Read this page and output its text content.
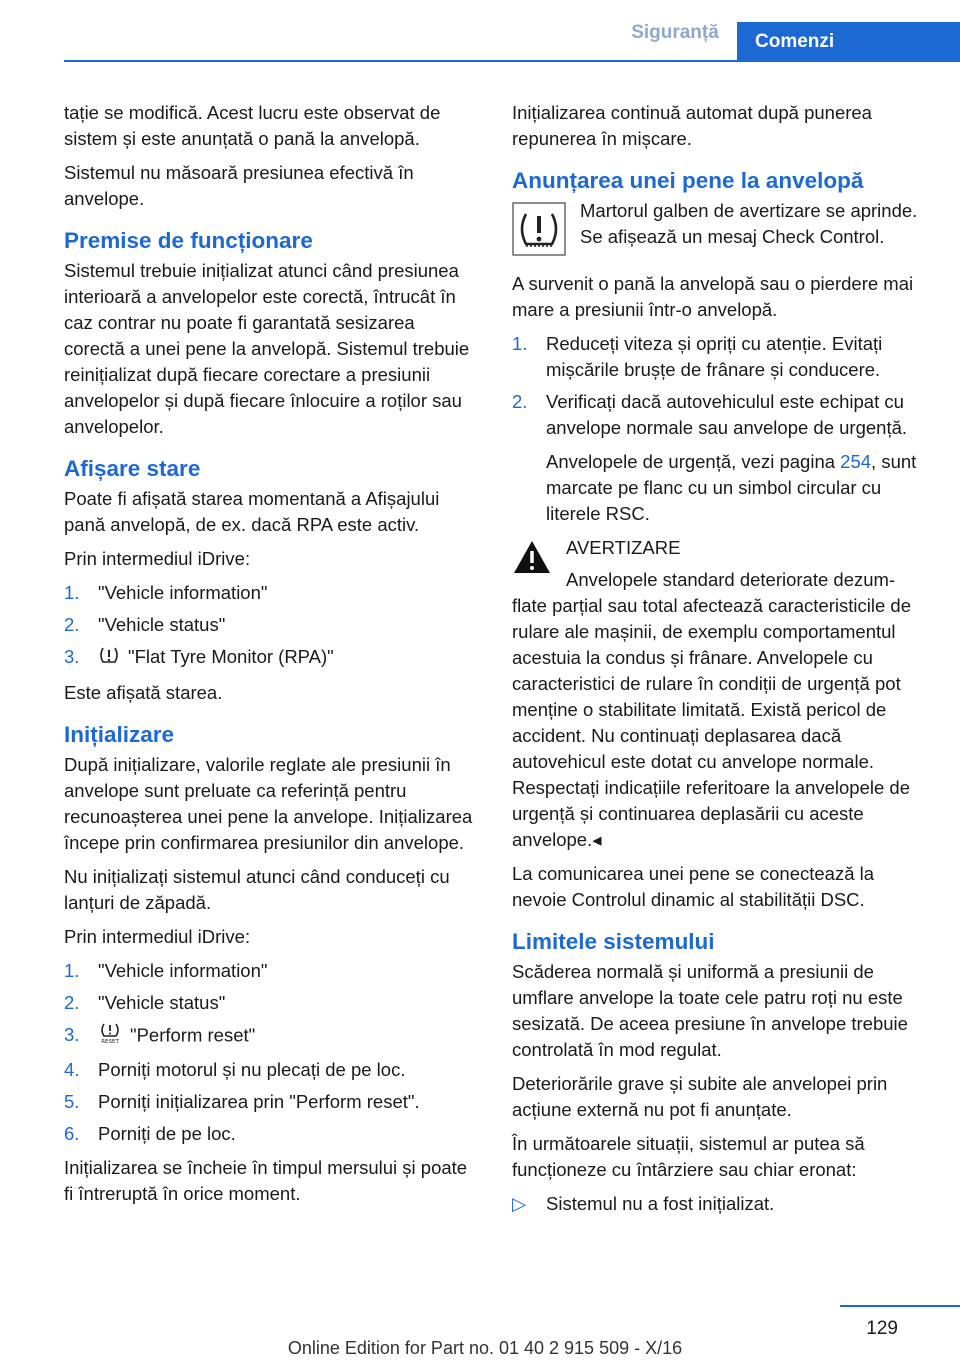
Siguranță	Comenzi

tație se modifică. Acest lucru este observat de sistem și este anunțată o pană la anvelopă.

Sistemul nu măsoară presiunea efectivă în anvelope.

Premise de funcționare

Sistemul trebuie inițializat atunci când presiunea interioară a anvelopelor este corectă, întrucât în caz contrar nu poate fi garantată sesizarea corectă a unei pene la anvelopă. Sistemul trebuie reinițializat după fiecare corectare a presiunii anvelopelor și după fiecare înlocuire a roților sau anvelopelor.

Afișare stare

Poate fi afișată starea momentană a Afișajului pană anvelopă, de ex. dacă RPA este activ.

Prin intermediul iDrive:

1. "Vehicle information"
2. "Vehicle status"
3.	"Flat Tyre Monitor (RPA)"

Este afișată starea.

Inițializare

După inițializare, valorile reglate ale presiunii în anvelope sunt preluate ca referință pentru recunoașterea unei pene la anvelope. Inițializarea începe prin confirmarea presiunilor din anvelope.

Nu inițializați sistemul atunci când conduceți cu lanțuri de zăpadă.

Prin intermediul iDrive:

1. "Vehicle information"
2. "Vehicle status"
3.	RESET "Perform reset"
4. Porniți motorul și nu plecați de pe loc.
5. Porniți inițializarea prin "Perform reset".
6. Porniți de pe loc.

Inițializarea se încheie în timpul mersului și poate fi întreruptă în orice moment.

Inițializarea continuă automat după punerea repunerea în mișcare.

Anunțarea unei pene la anvelopă
Martorul galben de avertizare se aprinde. Se afișează un mesaj Check Control.

A survenit o pană la anvelopă sau o pierdere mai mare a presiunii într-o anvelopă.

1. Reduceți viteza și opriți cu atenție. Evitați mișcările brușțe de frânare și conducere.
2. Verificați dacă autovehiculul este echipat cu anvelope normale sau anvelope de urgență.
Anvelopele de urgență, vezi pagina 254, sunt marcate pe flanc cu un simbol circular cu literele RSC.
AVERTIZARE
Anvelopele standard deteriorate dezum-
flate parțial sau total afectează caracteristicile de rulare ale mașinii, de exemplu comportamentul acestuia la condus și frânare. Anvelopele cu caracteristici de rulare în condiții de urgență pot menține o stabilitate limitată. Există pericol de accident. Nu continuați deplasarea dacă autovehicul este dotat cu anvelope normale. Respectați indicațiile referitoare la anvelopele de urgență și continuarea deplasării cu aceste anvelope.◂

La comunicarea unei pene se conectează la nevoie Controlul dinamic al stabilității DSC.

Limitele sistemului

Scăderea normală și uniformă a presiunii de umflare anvelope la toate cele patru roți nu este sesizată. De aceea presiune în anvelope trebuie controlată în mod regulat.

Deteriorările grave și subite ale anvelopei prin acțiune externă nu pot fi anunțate.

În următoarele situații, sistemul ar putea să funcționeze cu întârziere sau chiar eronat:

▷ Sistemul nu a fost inițializat.
129
Online Edition for Part no. 01 40 2 915 509 - X/16
